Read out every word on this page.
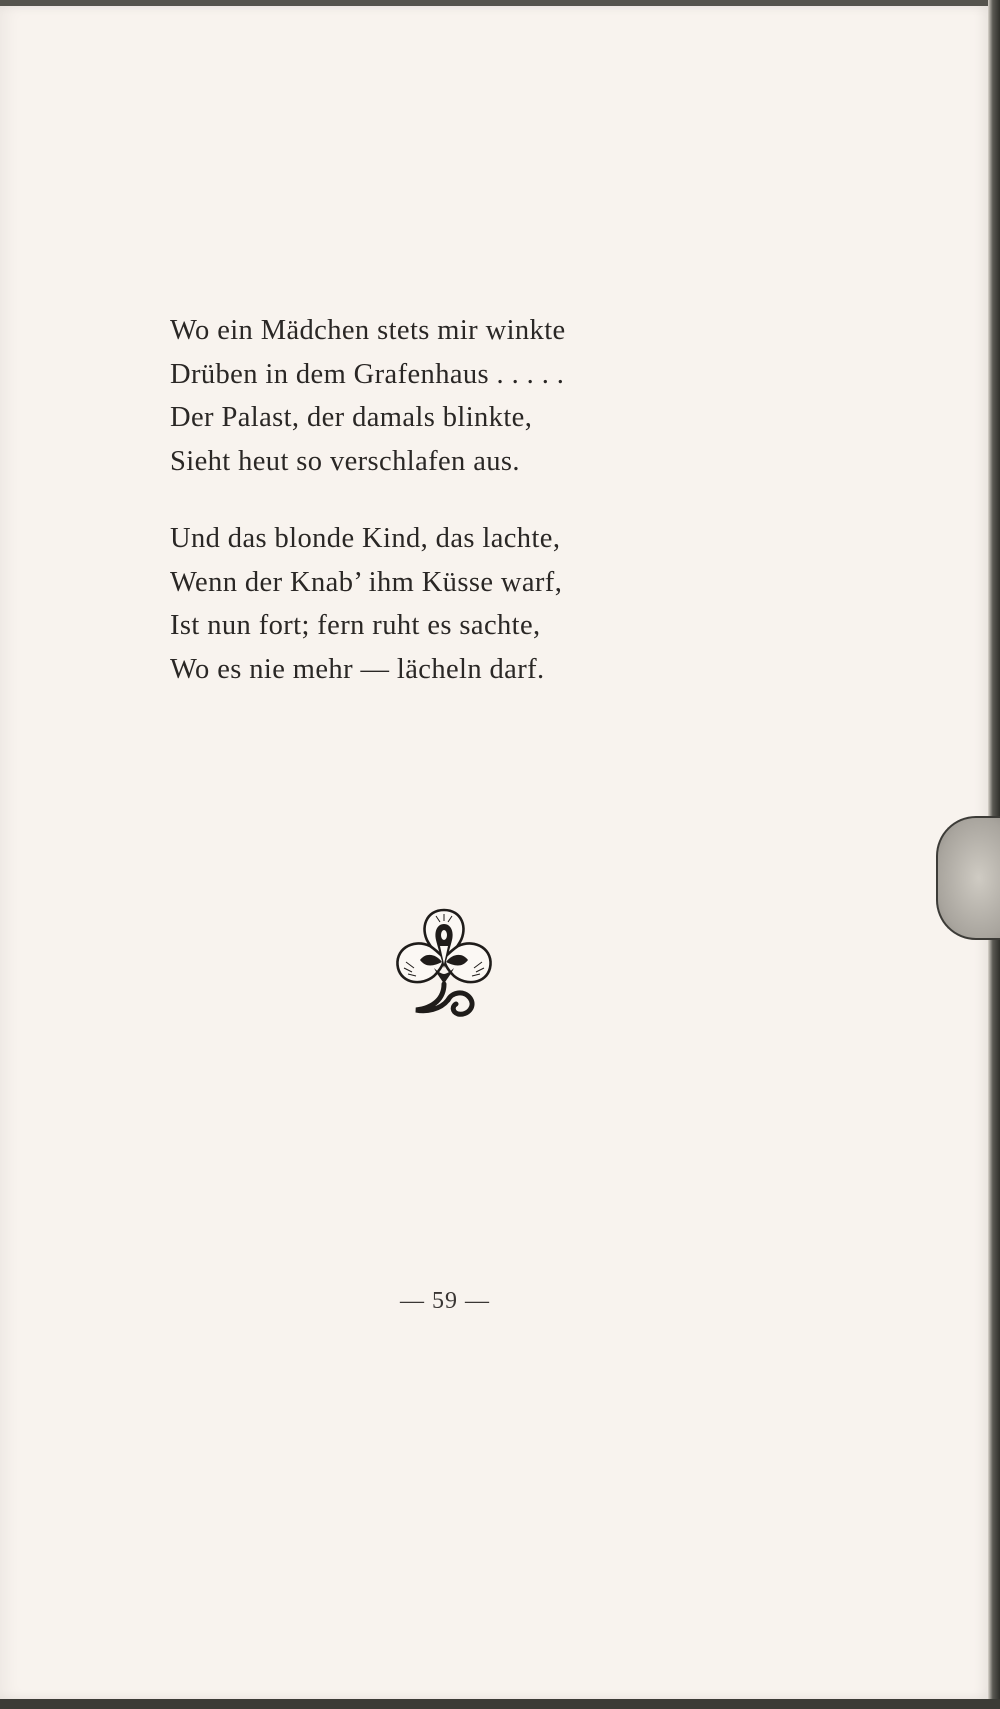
Wo ein Mädchen stets mir winkte
Drüben in dem Grafenhaus . . . . .
Der Palast, der damals blinkte,
Sieht heut so verschlafen aus.
Und das blonde Kind, das lachte,
Wenn der Knab’ ihm Küsse warf,
Ist nun fort; fern ruht es sachte,
Wo es nie mehr — lächeln darf.
— 59 —
